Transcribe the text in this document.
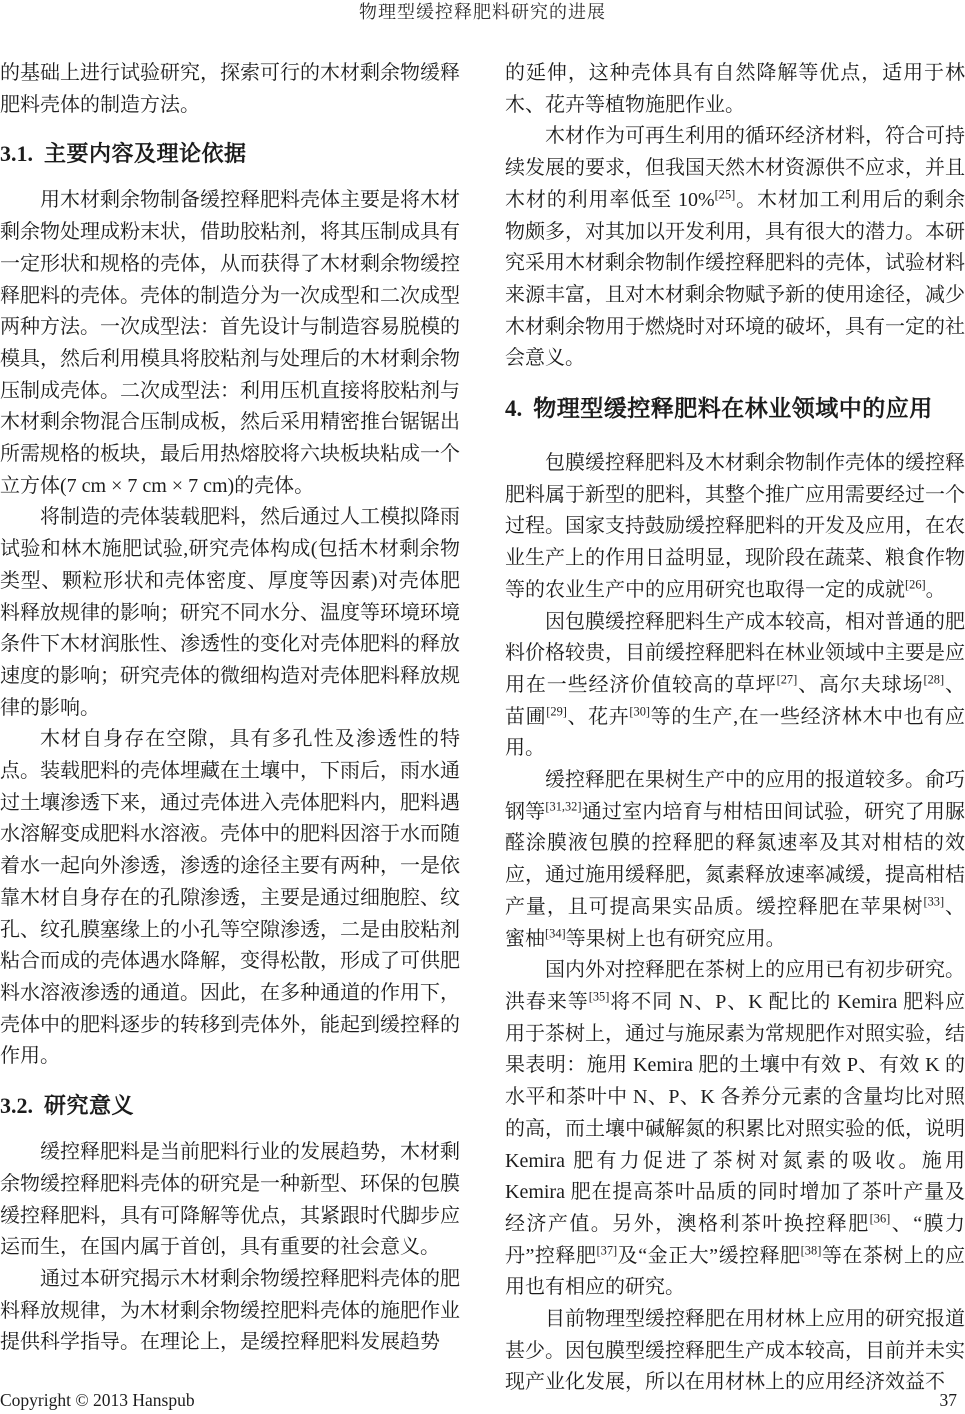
物理型缓控释肥料研究的进展

的基础上进行试验研究，探索可行的木材剩余物缓释肥料壳体的制造方法。

3.1. 主要内容及理论依据

用木材剩余物制备缓控释肥料壳体主要是将木材剩余物处理成粉末状，借助胶粘剂，将其压制成具有一定形状和规格的壳体，从而获得了木材剩余物缓控释肥料的壳体。壳体的制造分为一次成型和二次成型两种方法。一次成型法：首先设计与制造容易脱模的模具，然后利用模具将胶粘剂与处理后的木材剩余物压制成壳体。二次成型法：利用压机直接将胶粘剂与木材剩余物混合压制成板，然后采用精密推台锯锯出所需规格的板块，最后用热熔胶将六块板块粘成一个立方体(7 cm × 7 cm × 7 cm)的壳体。

将制造的壳体装载肥料，然后通过人工模拟降雨试验和林木施肥试验,研究壳体构成(包括木材剩余物类型、颗粒形状和壳体密度、厚度等因素)对壳体肥料释放规律的影响；研究不同水分、温度等环境环境条件下木材润胀性、渗透性的变化对壳体肥料的释放速度的影响；研究壳体的微细构造对壳体肥料释放规律的影响。

木材自身存在空隙，具有多孔性及渗透性的特点。装载肥料的壳体埋藏在土壤中，下雨后，雨水通过土壤渗透下来，通过壳体进入壳体肥料内，肥料遇水溶解变成肥料水溶液。壳体中的肥料因溶于水而随着水一起向外渗透，渗透的途径主要有两种，一是依靠木材自身存在的孔隙渗透，主要是通过细胞腔、纹孔、纹孔膜塞缘上的小孔等空隙渗透，二是由胶粘剂粘合而成的壳体遇水降解，变得松散，形成了可供肥料水溶液渗透的通道。因此，在多种通道的作用下，壳体中的肥料逐步的转移到壳体外，能起到缓控释的作用。

3.2. 研究意义

缓控释肥料是当前肥料行业的发展趋势，木材剩余物缓控释肥料壳体的研究是一种新型、环保的包膜缓控释肥料，具有可降解等优点，其紧跟时代脚步应运而生，在国内属于首创，具有重要的社会意义。

通过本研究揭示木材剩余物缓控释肥料壳体的肥料释放规律，为木材剩余物缓控肥料壳体的施肥作业提供科学指导。在理论上，是缓控释肥料发展趋势

的延伸，这种壳体具有自然降解等优点，适用于林木、花卉等植物施肥作业。

木材作为可再生利用的循环经济材料，符合可持续发展的要求，但我国天然木材资源供不应求，并且木材的利用率低至 10%[25]。木材加工利用后的剩余物颇多，对其加以开发利用，具有很大的潜力。本研究采用木材剩余物制作缓控释肥料的壳体，试验材料来源丰富，且对木材剩余物赋予新的使用途径，减少木材剩余物用于燃烧时对环境的破坏，具有一定的社会意义。

4. 物理型缓控释肥料在林业领域中的应用

包膜缓控释肥料及木材剩余物制作壳体的缓控释肥料属于新型的肥料，其整个推广应用需要经过一个过程。国家支持鼓励缓控释肥料的开发及应用，在农业生产上的作用日益明显，现阶段在蔬菜、粮食作物等的农业生产中的应用研究也取得一定的成就[26]。

因包膜缓控释肥料生产成本较高，相对普通的肥料价格较贵，目前缓控释肥料在林业领域中主要是应用在一些经济价值较高的草坪[27]、高尔夫球场[28]、苗圃[29]、花卉[30]等的生产,在一些经济林木中也有应用。

缓控释肥在果树生产中的应用的报道较多。俞巧钢等[31,32]通过室内培育与柑桔田间试验，研究了用脲醛涂膜液包膜的控释肥的释氮速率及其对柑桔的效应，通过施用缓释肥，氮素释放速率减缓，提高柑桔产量，且可提高果实品质。缓控释肥在苹果树[33]、蜜柚[34]等果树上也有研究应用。

国内外对控释肥在茶树上的应用已有初步研究。洪春来等[35]将不同 N、P、K 配比的 Kemira 肥料应用于茶树上，通过与施尿素为常规肥作对照实验，结果表明：施用 Kemira 肥的土壤中有效 P、有效 K 的水平和茶叶中 N、P、K 各养分元素的含量均比对照的高，而土壤中碱解氮的积累比对照实验的低，说明 Kemira 肥有力促进了茶树对氮素的吸收。施用 Kemira 肥在提高茶叶品质的同时增加了茶叶产量及经济产值。另外，澳格利茶叶换控释肥[36]、“膜力丹”控释肥[37]及“金正大”缓控释肥[38]等在茶树上的应用也有相应的研究。

目前物理型缓控释肥在用材林上应用的研究报道甚少。因包膜型缓控释肥生产成本较高，目前并未实现产业化发展，所以在用材林上的应用经济效益不

Copyright © 2013 Hanspub	37
